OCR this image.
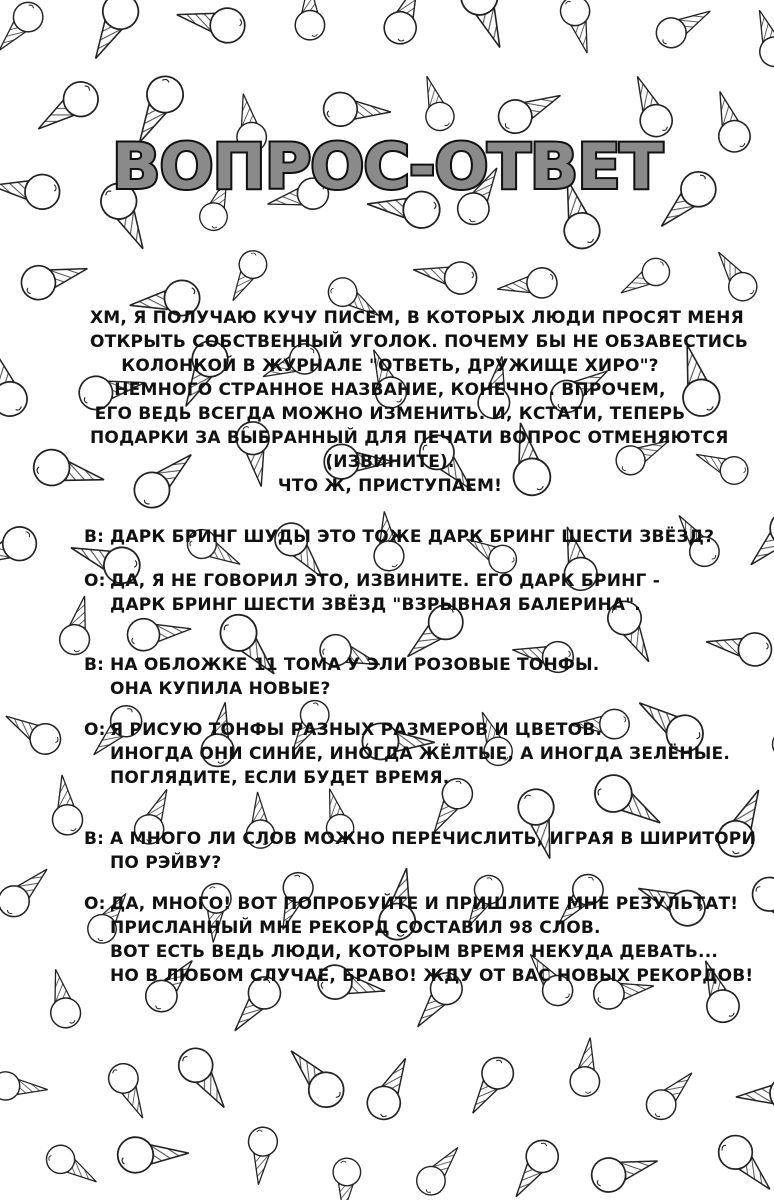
ВОПРОС-ОТВЕТ
ХМ, Я ПОЛУЧАЮ КУЧУ ПИСЕМ, В КОТОРЫХ ЛЮДИ ПРОСЯТ МЕНЯ
ОТКРЫТЬ СОБСТВЕННЫЙ УГОЛОК. ПОЧЕМУ БЫ НЕ ОБЗАВЕСТИСЬ
КОЛОНКОЙ В ЖУРНАЛЕ "ОТВЕТЬ, ДРУЖИЩЕ ХИРО"?
НЕМНОГО СТРАННОЕ НАЗВАНИЕ, КОНЕЧНО. ВПРОЧЕМ,
ЕГО ВЕДЬ ВСЕГДА МОЖНО ИЗМЕНИТЬ. И, КСТАТИ, ТЕПЕРЬ
ПОДАРКИ ЗА ВЫБРАННЫЙ ДЛЯ ПЕЧАТИ ВОПРОС ОТМЕНЯЮТСЯ
(ИЗВИНИТЕ).
ЧТО Ж, ПРИСТУПАЕМ!
В: ДАРК БРИНГ ШУДЫ ЭТО ТОЖЕ ДАРК БРИНГ ШЕСТИ ЗВЁЗД?
О: ДА, Я НЕ ГОВОРИЛ ЭТО, ИЗВИНИТЕ. ЕГО ДАРК БРИНГ -
ДАРК БРИНГ ШЕСТИ ЗВЁЗД "ВЗРЫВНАЯ БАЛЕРИНА".
В: НА ОБЛОЖКЕ 11 ТОМА У ЭЛИ РОЗОВЫЕ ТОНФЫ.
ОНА КУПИЛА НОВЫЕ?
О: Я РИСУЮ ТОНФЫ РАЗНЫХ РАЗМЕРОВ И ЦВЕТОВ.
ИНОГДА ОНИ СИНИЕ, ИНОГДА ЖЁЛТЫЕ, А ИНОГДА ЗЕЛЁНЫЕ.
ПОГЛЯДИТЕ, ЕСЛИ БУДЕТ ВРЕМЯ.
В: А МНОГО ЛИ СЛОВ МОЖНО ПЕРЕЧИСЛИТЬ, ИГРАЯ В ШИРИТОРИ
ПО РЭЙВУ?
О: ДА, МНОГО! ВОТ ПОПРОБУЙТЕ И ПРИШЛИТЕ МНЕ РЕЗУЛЬТАТ!
ПРИСЛАННЫЙ МНЕ РЕКОРД СОСТАВИЛ 98 СЛОВ.
ВОТ ЕСТЬ ВЕДЬ ЛЮДИ, КОТОРЫМ ВРЕМЯ НЕКУДА ДЕВАТЬ...
НО В ЛЮБОМ СЛУЧАЕ, БРАВО! ЖДУ ОТ ВАС НОВЫХ РЕКОРДОВ!
